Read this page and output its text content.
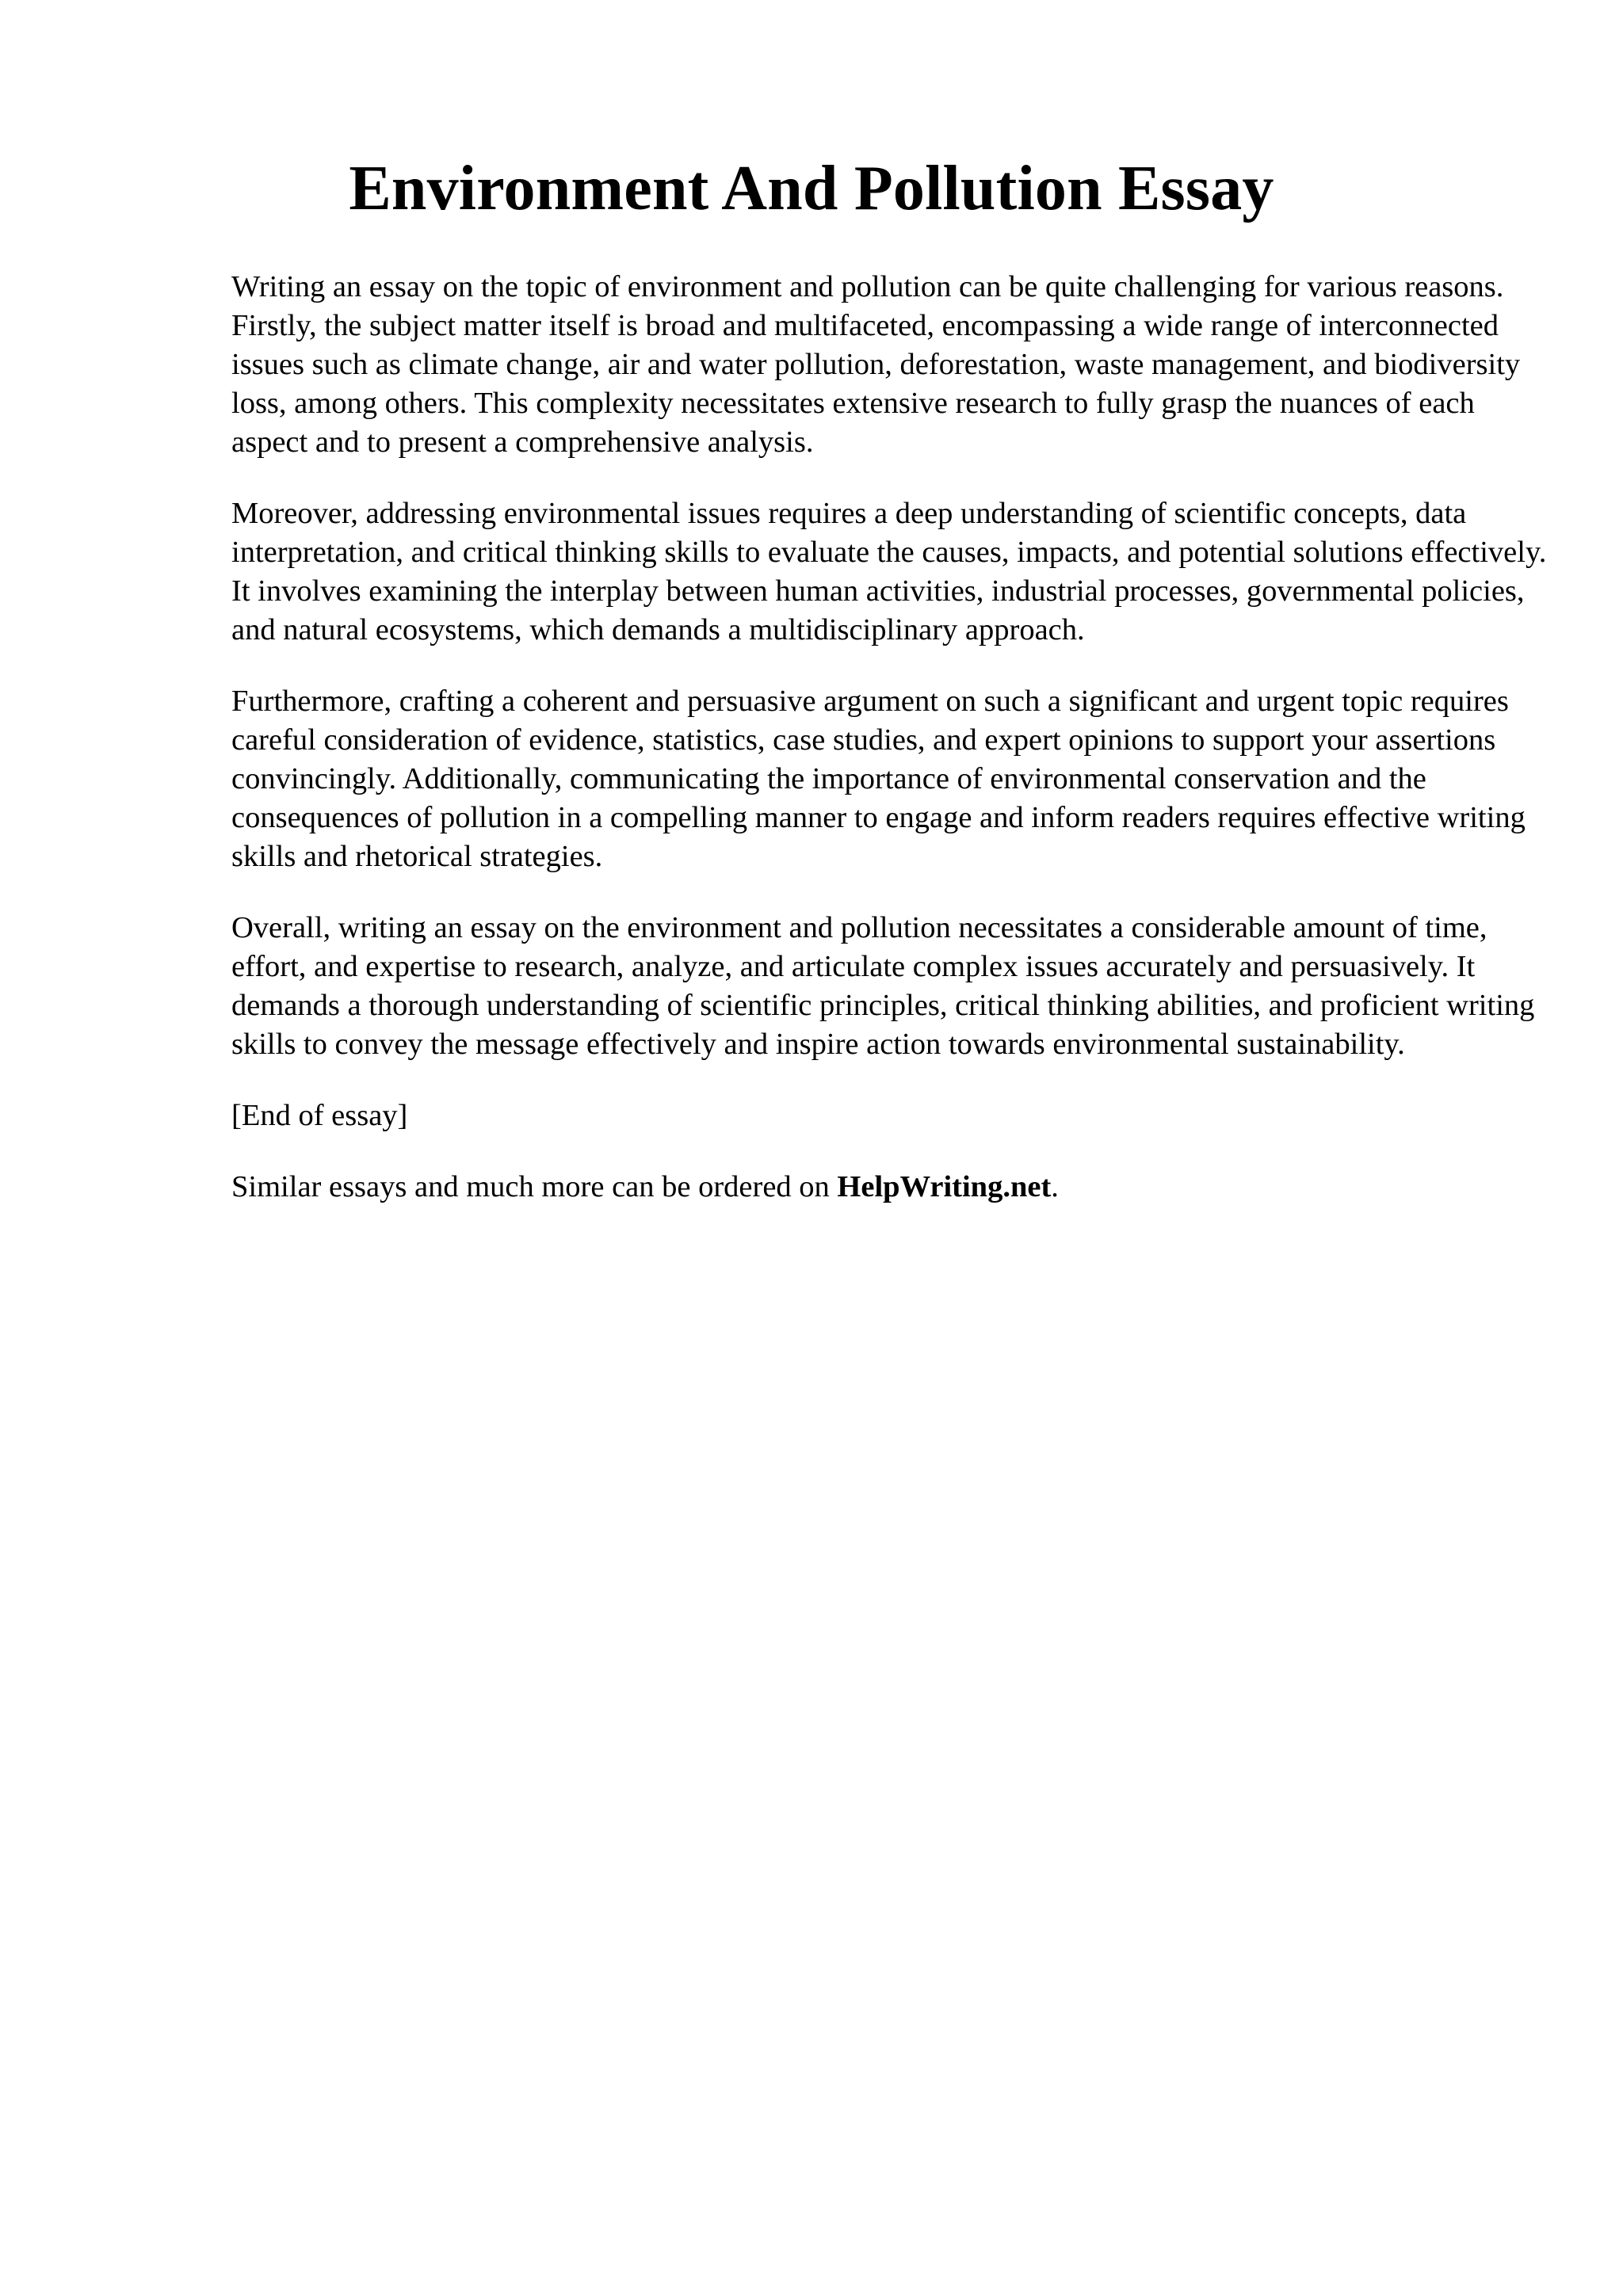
Environment And Pollution Essay

Writing an essay on the topic of environment and pollution can be quite challenging for various reasons. Firstly, the subject matter itself is broad and multifaceted, encompassing a wide range of interconnected issues such as climate change, air and water pollution, deforestation, waste management, and biodiversity loss, among others. This complexity necessitates extensive research to fully grasp the nuances of each aspect and to present a comprehensive analysis.

Moreover, addressing environmental issues requires a deep understanding of scientific concepts, data interpretation, and critical thinking skills to evaluate the causes, impacts, and potential solutions effectively. It involves examining the interplay between human activities, industrial processes, governmental policies, and natural ecosystems, which demands a multidisciplinary approach.

Furthermore, crafting a coherent and persuasive argument on such a significant and urgent topic requires careful consideration of evidence, statistics, case studies, and expert opinions to support your assertions convincingly. Additionally, communicating the importance of environmental conservation and the consequences of pollution in a compelling manner to engage and inform readers requires effective writing skills and rhetorical strategies.

Overall, writing an essay on the environment and pollution necessitates a considerable amount of time, effort, and expertise to research, analyze, and articulate complex issues accurately and persuasively. It demands a thorough understanding of scientific principles, critical thinking abilities, and proficient writing skills to convey the message effectively and inspire action towards environmental sustainability.

[End of essay]

Similar essays and much more can be ordered on HelpWriting.net.
